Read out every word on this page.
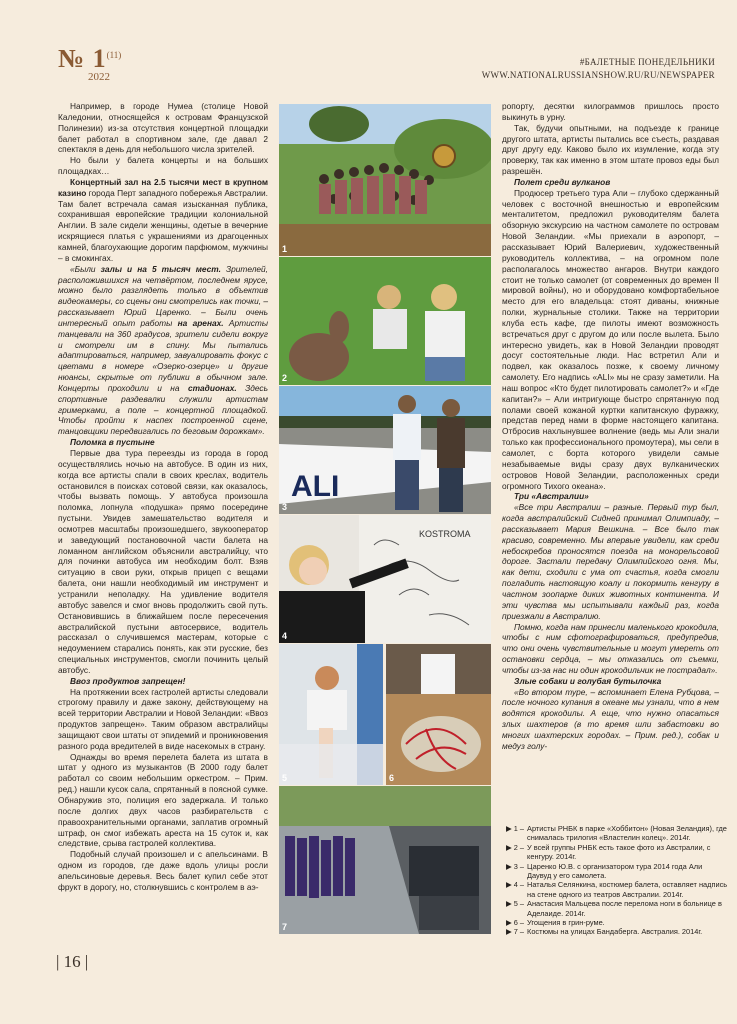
№ 1$^{(11)}$
2022
#БАЛЕТНЫЕ ПОНЕДЕЛЬНИКИ
WWW.NATIONALRUSSIANSHOW.RU/RU/NEWSPAPER

Например, в городе Нумеа (столице Новой Каледонии, относящейся к островам Французской Полинезии) из-за отсутствия концертной площадки балет работал в спортивном зале, где давал 2 спектакля в день для небольшого числа зрителей.

Но были у балета концерты и на больших площадках…

Концертный зал на 2.5 тысячи мест в крупном казино города Перт западного побережья Австралии. Там балет встречала самая изысканная публика, сохранившая европейские традиции колониальной Англии. В зале сидели женщины, одетые в вечерние искрящиеся платья с украшениями из драгоценных камней, благоухающие дорогим парфюмом, мужчины – в смокингах.

«Были залы и на 5 тысяч мест. Зрителей, расположившихся на четвёртом, последнем ярусе, можно было разглядеть только в объектив видеокамеры, со сцены они смотрелись как точки, – рассказывает Юрий Царенко. – Были очень интересный опыт работы на аренах. Артисты танцевали на 360 градусов, зрители сидели вокруг и смотрели им в спину. Мы пытались адаптироваться, например, завуалировать фокус с цветами в номере «Озерко-озерце» и другие нюансы, скрытые от публики в обычном зале. Концерты проходили и на стадионах. Здесь спортивные раздевалки служили артистам гримерками, а поле – концертной площадкой. Чтобы пройти к наспех построенной сцене, танцовщики передвигались по беговым дорожкам».

Поломка в пустыне

Первые два тура переезды из города в город осуществлялись ночью на автобусе. В один из них, когда все артисты спали в своих креслах, водитель остановился в поисках сотовой связи, как оказалось, чтобы вызвать помощь. У автобуса произошла поломка, лопнула «подушка» прямо посередине пустыни. Увидев замешательство водителя и осмотрев масштабы произошедшего, звукооператор и заведующий постановочной части балета на ломанном английском объяснили австралийцу, что для починки автобуса им необходим болт. Взяв ситуацию в свои руки, открыв прицеп с вещами балета, они нашли необходимый им инструмент и устранили неполадку. На удивление водителя автобус завелся и смог вновь продолжить свой путь. Остановившись в ближайшем после пересечения австралийской пустыни автосервисе, водитель рассказал о случившемся мастерам, которые с недоумением старались понять, как эти русские, без специальных инструментов, смогли починить целый автобус.

Ввоз продуктов запрещен!

На протяжении всех гастролей артисты следовали строгому правилу и даже закону, действующему на всей территории Австралии и Новой Зеландии: «Ввоз продуктов запрещен». Таким образом австралийцы защищают свои штаты от эпидемий и проникновения разного рода вредителей в виде насекомых в страну.

Однажды во время перелета балета из штата в штат у одного из музыкантов (В 2000 году балет работал со своим небольшим оркестром. – Прим. ред.) нашли кусок сала, спрятанный в поясной сумке. Обнаружив это, полиция его задержала. И только после долгих двух часов разбирательств с правоохранительными органами, заплатив огромный штраф, он смог избежать ареста на 15 суток и, как следствие, срыва гастролей коллектива.

Подобный случай произошел и с апельсинами. В одном из городов, где даже вдоль улицы росли апельсиновые деревья. Весь балет купил себе этот фрукт в дорогу, но, столкнувшись с контролем в аэ-

1
2
ALI
3
KOSTROMA
4
5	6
7

ропорту, десятки килограммов пришлось просто выкинуть в урну.

Так, будучи опытными, на подъезде к границе другого штата, артисты пытались все съесть, раздавая друг другу еду. Каково было их изумление, когда эту проверку, так как именно в этом штате провоз еды был разрешён.

Полет среди вулканов

Продюсер третьего тура Али – глубоко сдержанный человек с восточной внешностью и европейским менталитетом, предложил руководителям балета обзорную экскурсию на частном самолете по островам Новой Зеландии. «Мы приехали в аэропорт, – рассказывает Юрий Валериевич, художественный руководитель коллектива, – на огромном поле располагалось множество ангаров. Внутри каждого стоит не только самолет (от современных до времен II мировой войны), но и оборудовано комфортабельное место для его владельца: стоят диваны, книжные полки, журнальные столики. Также на территории клуба есть кафе, где пилоты имеют возможность встречаться друг с другом до или после вылета. Было интересно увидеть, как в Новой Зеландии проводят досуг состоятельные люди. Нас встретил Али и подвел, как оказалось позже, к своему личному самолету. Его надпись «ALI» мы не сразу заметили. На наш вопрос «Кто будет пилотировать самолет?» и «Где капитан?» – Али интригующе быстро спрятанную под полами своей кожаной куртки капитанскую фуражку, представ перед нами в форме настоящего капитана. Отбросив нахлынувшее волнение (ведь мы Али знали только как профессионального промоутера), мы сели в самолет, с борта которого увидели самые незабываемые виды сразу двух вулканических островов Новой Зеландии, расположенных среди огромного Тихого океана».

Три «Австралии»

«Все три Австралии – разные. Первый тур был, когда австралийский Сидней принимал Олимпиаду, – рассказывает Мария Вешкина. – Все было так красиво, современно. Мы впервые увидели, как среди небоскребов проносятся поезда на монорельсовой дороге. Застали передачу Олимпийского огня. Мы, как дети, сходили с ума от счастья, когда смогли погладить настоящую коалу и покормить кенгуру в частном зоопарке диких животных континента. И эти чувства мы испытывали каждый раз, когда приезжали в Австралию.

Помню, когда нам принесли маленького крокодила, чтобы с ним сфотографироваться, предупредив, что они очень чувствительные и могут умереть от остановки сердца, – мы отказались от съемки, чтобы из-за нас ни один крокодильчик не пострадал».

Злые собаки и голубая бутылочка

«Во втором туре, – вспоминает Елена Рубцова, – после ночного купания в океане мы узнали, что в нем водятся крокодилы. А еще, что нужно опасаться злых шахтеров (в то время шли забастовки во многих шахтерских городах. – Прим. ред.), собак и медуз голу-

▶ 1 – Артисты РНБК в парке «Хоббитон» (Новая Зеландия), где снималась трилогия «Властелин колец». 2014г.
▶ 2 – У всей группы РНБК есть такое фото из Австралии, с кенгуру. 2014г.
▶ 3 – Царенко Ю.В. с организатором тура 2014 года Али Даувуд у его самолета.
▶ 4 – Наталья Селянкина, костюмер балета, оставляет надпись на стене одного из театров Австралии. 2014г.
▶ 5 – Анастасия Мальцева после перелома ноги в больнице в Аделаиде. 2014г.
▶ 6 – Угощения в грин-руме.
▶ 7 – Костюмы на улицах Бандаберга. Австралия. 2014г.
| 16 |
